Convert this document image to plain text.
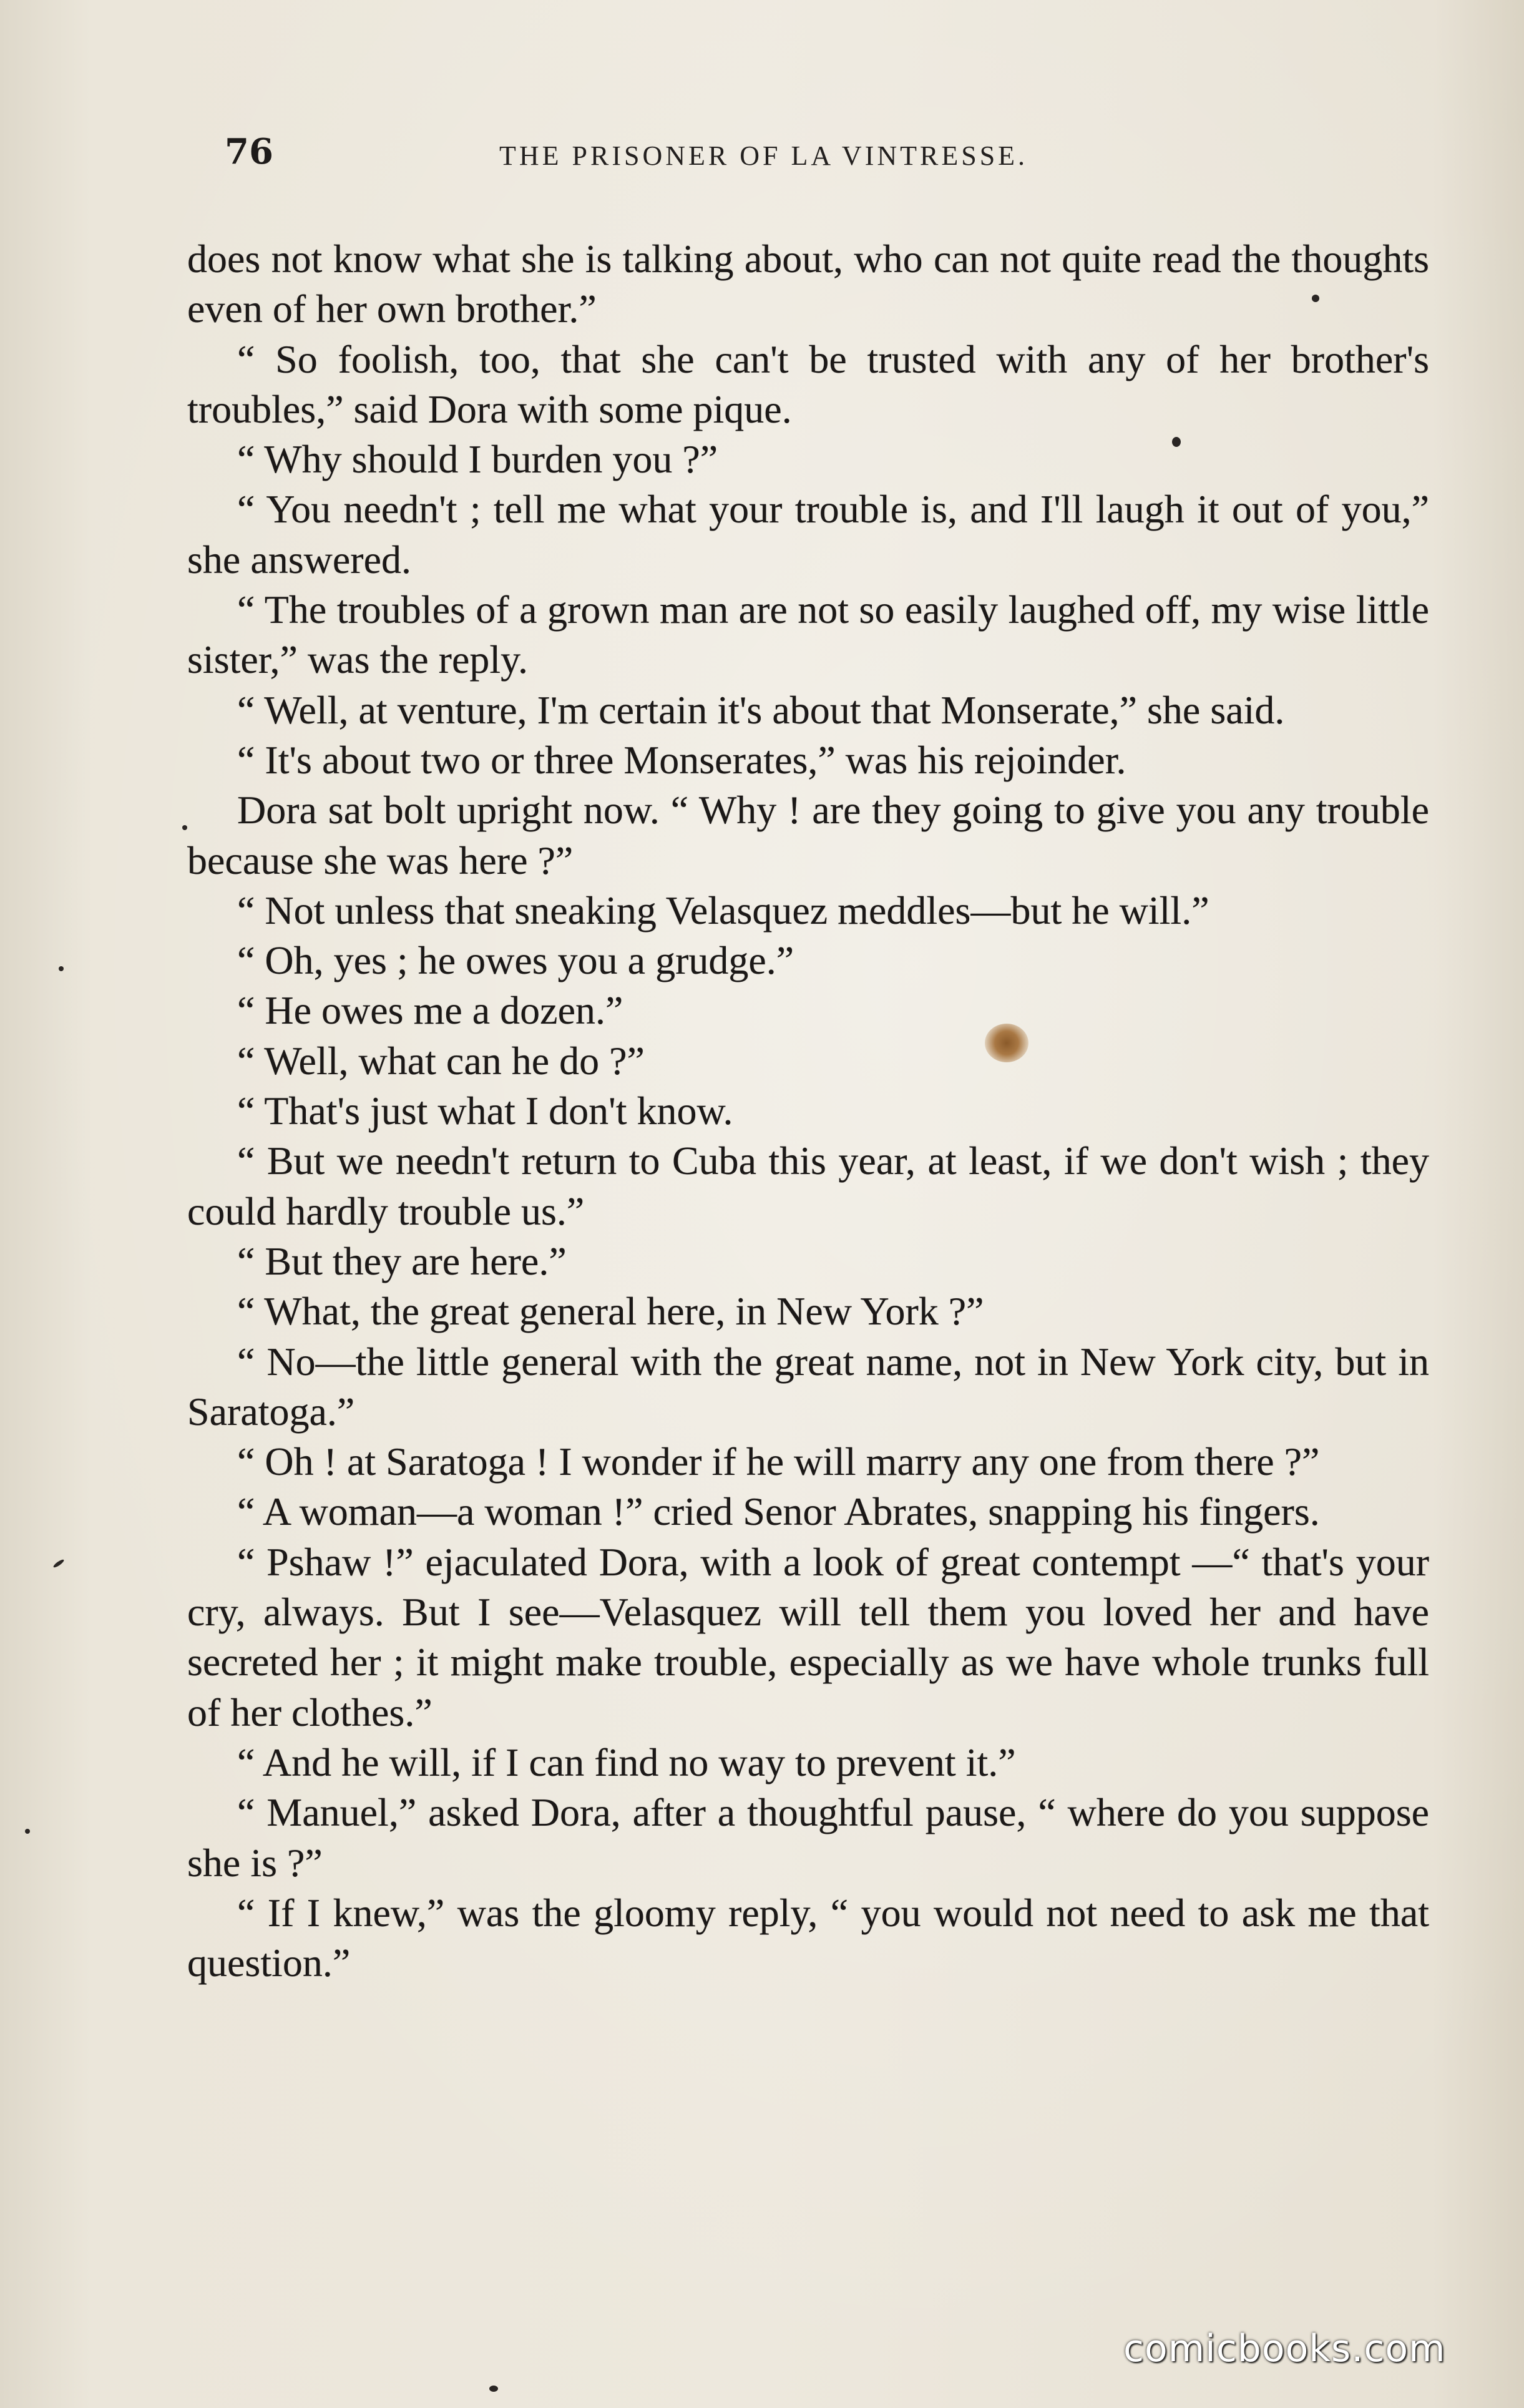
76	THE PRISONER OF LA VINTRESSE.

does not know what she is talking about, who can not quite read the thoughts even of her own brother.”

“ So foolish, too, that she can't be trusted with any of her brother's troubles,” said Dora with some pique.

“ Why should I burden you ?”

“ You needn't ; tell me what your trouble is, and I'll laugh it out of you,” she answered.

“ The troubles of a grown man are not so easily laughed off, my wise little sister,” was the reply.

“ Well, at venture, I'm certain it's about that Monserate,” she said.

“ It's about two or three Monserates,” was his rejoinder.

Dora sat bolt upright now. “ Why ! are they going to give you any trouble because she was here ?”

“ Not unless that sneaking Velasquez meddles—but he will.”

“ Oh, yes ; he owes you a grudge.”

“ He owes me a dozen.”

“ Well, what can he do ?”

“ That's just what I don't know.

“ But we needn't return to Cuba this year, at least, if we don't wish ; they could hardly trouble us.”

“ But they are here.”

“ What, the great general here, in New York ?”

“ No—the little general with the great name, not in New York city, but in Saratoga.”

“ Oh ! at Saratoga ! I wonder if he will marry any one from there ?”

“ A woman—a woman !” cried Senor Abrates, snapping his fingers.

“ Pshaw !” ejaculated Dora, with a look of great contempt —“ that's your cry, always. But I see—Velasquez will tell them you loved her and have secreted her ; it might make trouble, especially as we have whole trunks full of her clothes.”

“ And he will, if I can find no way to prevent it.”

“ Manuel,” asked Dora, after a thoughtful pause, “ where do you suppose she is ?”

“ If I knew,” was the gloomy reply, “ you would not need to ask me that question.”

comicbooks.com
